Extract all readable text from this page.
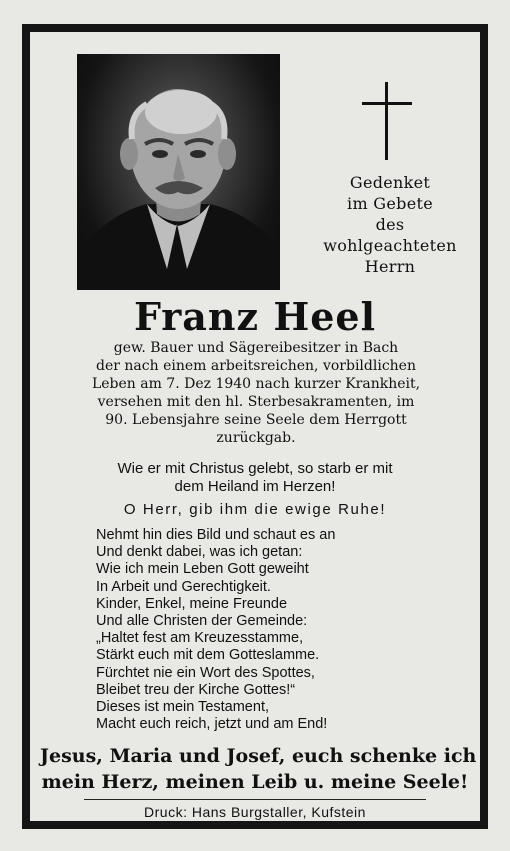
Gedenket
im Gebete
des
wohlgeachteten
Herrn
Franz Heel
gew. Bauer und Sägereibesitzer in Bach
der nach einem arbeitsreichen, vorbildlichen
Leben am 7. Dez 1940 nach kurzer Krankheit,
versehen mit den hl. Sterbesakramenten, im
90. Lebensjahre seine Seele dem Herrgott
zurückgab.
Wie er mit Christus gelebt, so starb er mit
dem Heiland im Herzen!
O Herr, gib ihm die ewige Ruhe!
Nehmt hin dies Bild und schaut es an
Und denkt dabei, was ich getan:
Wie ich mein Leben Gott geweiht
In Arbeit und Gerechtigkeit.
Kinder, Enkel, meine Freunde
Und alle Christen der Gemeinde:
„Haltet fest am Kreuzesstamme,
Stärkt euch mit dem Gotteslamme.
Fürchtet nie ein Wort des Spottes,
Bleibet treu der Kirche Gottes!“
Dieses ist mein Testament,
Macht euch reich, jetzt und am End!
Jesus, Maria und Josef, euch schenke ich
mein Herz, meinen Leib u. meine Seele!
Druck: Hans Burgstaller, Kufstein
